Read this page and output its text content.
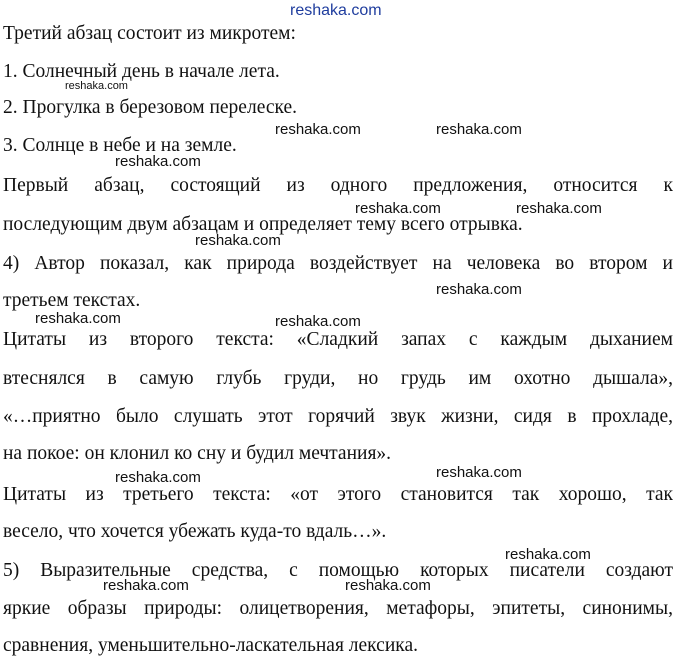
reshaka.com
Третий абзац состоит из микротем:
1. Солнечный день в начале лета.
reshaka.com
2. Прогулка в березовом перелеске.
reshaka.com	reshaka.com
3. Солнце в небе и на земле.
reshaka.com
Первый абзац, состоящий из одного предложения, относится к
reshaka.com	reshaka.com
последующим двум абзацам и определяет тему всего отрывка.
reshaka.com
4) Автор показал, как природа воздействует на человека во втором и
reshaka.com
третьем текстах.
reshaka.com	reshaka.com
Цитаты из второго текста: «Сладкий запах с каждым дыханием
втеснялся в самую глубь груди, но грудь им охотно дышала»,
«…приятно было слушать этот горячий звук жизни, сидя в прохладе,
на покое: он клонил ко сну и будил мечтания».
reshaka.com
reshaka.com
Цитаты из третьего текста: «от этого становится так хорошо, так
весело, что хочется убежать куда-то вдаль…».
reshaka.com
5) Выразительные средства, с помощью которых писатели создают
reshaka.com	reshaka.com
яркие образы природы: олицетворения, метафоры, эпитеты, синонимы,
сравнения, уменьшительно-ласкательная лексика.
